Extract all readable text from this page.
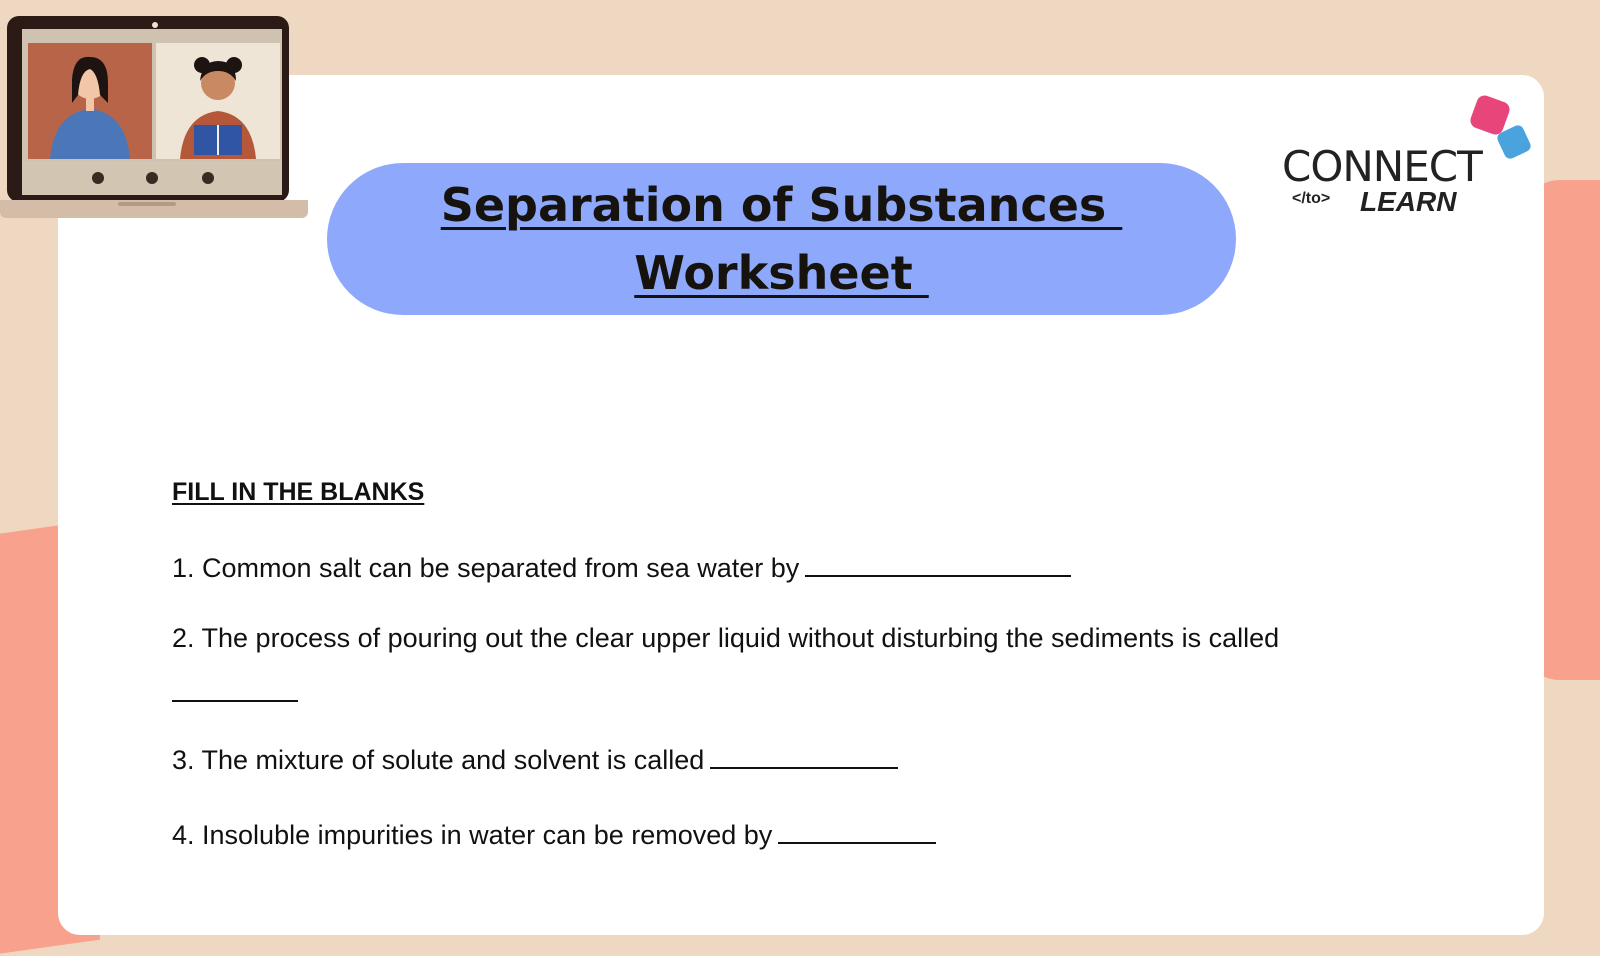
Separation of Substances
Worksheet
CONNECT
</to> LEARN
FILL IN THE BLANKS
1. Common salt can be separated from sea water by
2. The process of pouring out the clear upper liquid without disturbing the sediments is called
3. The mixture of solute and solvent is called
4. Insoluble impurities in water can be removed by
